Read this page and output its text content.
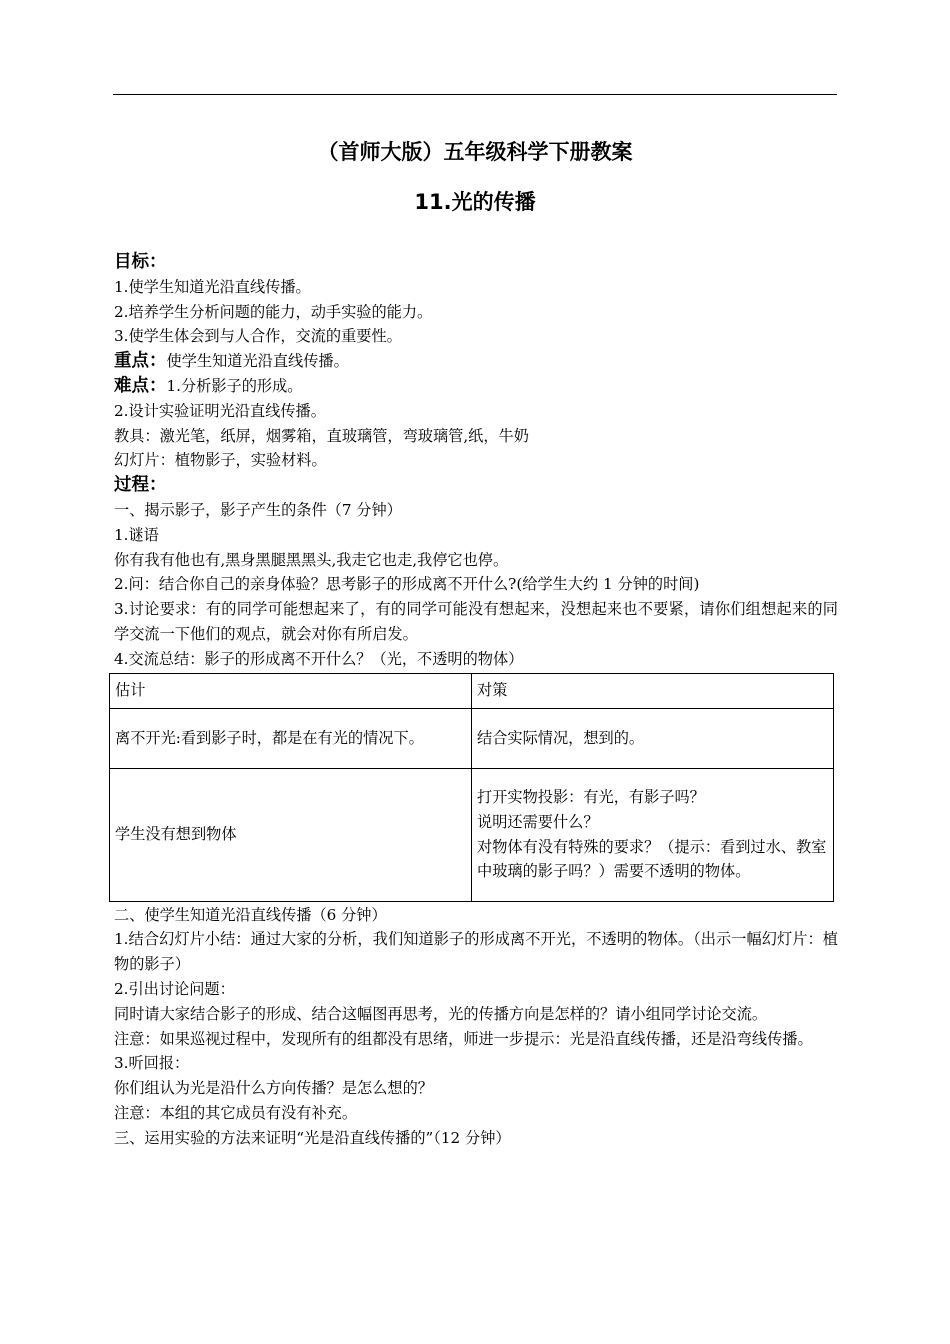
（首师大版）五年级科学下册教案
11.光的传播
目标：
1.使学生知道光沿直线传播。
2.培养学生分析问题的能力，动手实验的能力。
3.使学生体会到与人合作，交流的重要性。
重点：使学生知道光沿直线传播。
难点：1.分析影子的形成。
2.设计实验证明光沿直线传播。
教具：激光笔，纸屏，烟雾箱，直玻璃管，弯玻璃管,纸，牛奶
幻灯片：植物影子，实验材料。
过程：
一、揭示影子，影子产生的条件（7 分钟）
1.谜语
你有我有他也有,黑身黑腿黑黑头,我走它也走,我停它也停。
2.问：结合你自己的亲身体验？思考影子的形成离不开什么?(给学生大约 1 分钟的时间)
3.讨论要求：有的同学可能想起来了，有的同学可能没有想起来，没想起来也不要紧，请你们组想起来的同学交流一下他们的观点，就会对你有所启发。
4.交流总结：影子的形成离不开什么？（光，不透明的物体）
估计	对策
离不开光:看到影子时，都是在有光的情况下。	结合实际情况，想到的。
学生没有想到物体	打开实物投影：有光，有影子吗？
说明还需要什么？
对物体有没有特殊的要求？（提示：看到过水、教室中玻璃的影子吗？）需要不透明的物体。
二、使学生知道光沿直线传播（6 分钟）
1.结合幻灯片小结：通过大家的分析，我们知道影子的形成离不开光，不透明的物体。（出示一幅幻灯片：植物的影子）
2.引出讨论问题：
同时请大家结合影子的形成、结合这幅图再思考，光的传播方向是怎样的？请小组同学讨论交流。
注意：如果巡视过程中，发现所有的组都没有思绪，师进一步提示：光是沿直线传播，还是沿弯线传播。
3.听回报：
你们组认为光是沿什么方向传播？是怎么想的？
注意：本组的其它成员有没有补充。
三、运用实验的方法来证明“光是沿直线传播的”（12 分钟）
